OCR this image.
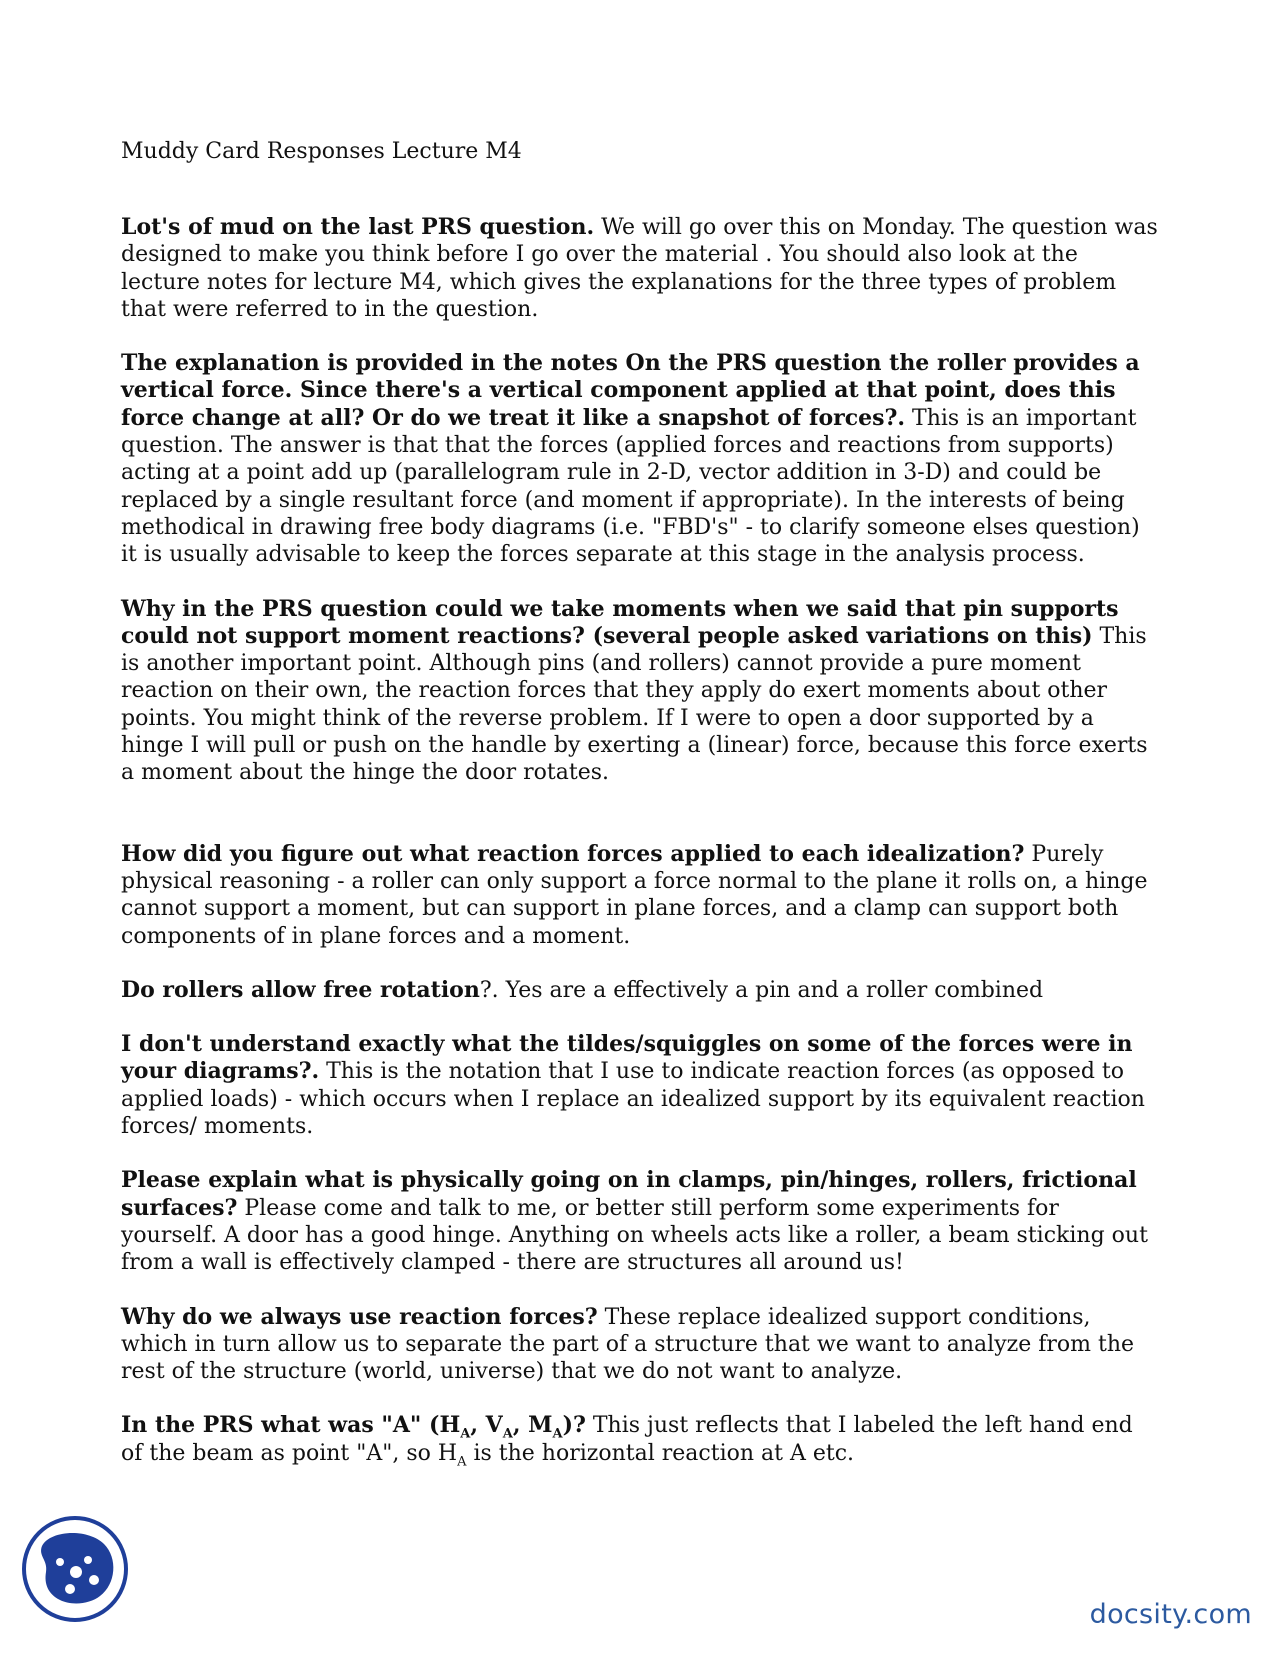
Muddy Card Responses Lecture M4

Lot's of mud on the last PRS question. We will go over this on Monday. The question was designed to make you think before I go over the material . You should also look at the lecture notes for lecture M4, which gives the explanations for the three types of problem that were referred to in the question.

The explanation is provided in the notes On the PRS question the roller provides a vertical force. Since there's a vertical component applied at that point, does this force change at all? Or do we treat it like a snapshot of forces?. This is an important question. The answer is that that the forces (applied forces and reactions from supports) acting at a point add up (parallelogram rule in 2-D, vector addition in 3-D) and could be replaced by a single resultant force (and moment if appropriate). In the interests of being methodical in drawing free body diagrams (i.e. "FBD's" - to clarify someone elses question) it is usually advisable to keep the forces separate at this stage in the analysis process.

Why in the PRS question could we take moments when we said that pin supports could not support moment reactions? (several people asked variations on this) This is another important point. Although pins (and rollers) cannot provide a pure moment reaction on their own, the reaction forces that they apply do exert moments about other points. You might think of the reverse problem. If I were to open a door supported by a hinge I will pull or push on the handle by exerting a (linear) force, because this force exerts a moment about the hinge the door rotates.

How did you figure out what reaction forces applied to each idealization? Purely physical reasoning - a roller can only support a force normal to the plane it rolls on, a hinge cannot support a moment, but can support in plane forces, and a clamp can support both components of in plane forces and a moment.

Do rollers allow free rotation?. Yes are a effectively a pin and a roller combined

I don't understand exactly what the tildes/squiggles on some of the forces were in your diagrams?. This is the notation that I use to indicate reaction forces (as opposed to applied loads) - which occurs when I replace an idealized support by its equivalent reaction forces/ moments.

Please explain what is physically going on in clamps, pin/hinges, rollers, frictional surfaces? Please come and talk to me, or better still perform some experiments for yourself. A door has a good hinge. Anything on wheels acts like a roller, a beam sticking out from a wall is effectively clamped - there are structures all around us!

Why do we always use reaction forces? These replace idealized support conditions, which in turn allow us to separate the part of a structure that we want to analyze from the rest of the structure (world, universe) that we do not want to analyze.

In the PRS what was "A" ($H_A$, $V_A$, $M_A$)? This just reflects that I labeled the left hand end of the beam as point "A", so $H_A$ is the horizontal reaction at A etc.

docsity.com
